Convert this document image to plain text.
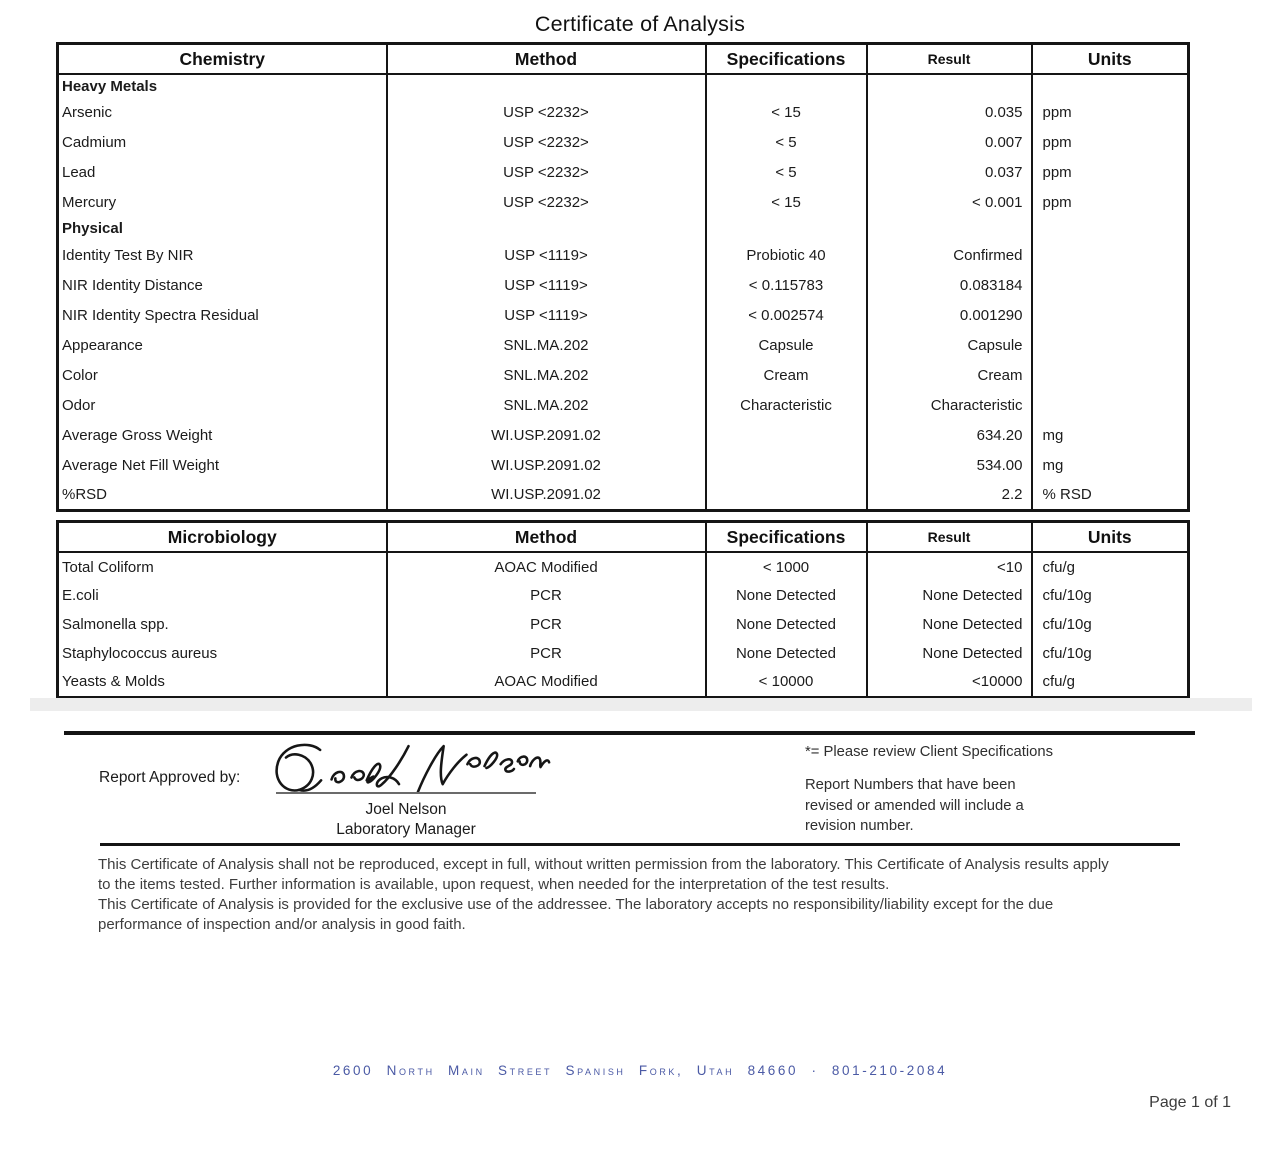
Certificate of Analysis
Chemistry	Method	Specifications	Result	Units
Heavy Metals				
Arsenic	USP <2232>	< 15	0.035	ppm
Cadmium	USP <2232>	< 5	0.007	ppm
Lead	USP <2232>	< 5	0.037	ppm
Mercury	USP <2232>	< 15	< 0.001	ppm
Physical				
Identity Test By NIR	USP <1119>	Probiotic 40	Confirmed	
NIR Identity Distance	USP <1119>	< 0.115783	0.083184	
NIR Identity Spectra Residual	USP <1119>	< 0.002574	0.001290	
Appearance	SNL.MA.202	Capsule	Capsule	
Color	SNL.MA.202	Cream	Cream	
Odor	SNL.MA.202	Characteristic	Characteristic	
Average Gross Weight	WI.USP.2091.02		634.20	mg
Average Net Fill Weight	WI.USP.2091.02		534.00	mg
%RSD	WI.USP.2091.02		2.2	% RSD
Microbiology	Method	Specifications	Result	Units
Total Coliform	AOAC Modified	< 1000	<10	cfu/g
E.coli	PCR	None Detected	None Detected	cfu/10g
Salmonella spp.	PCR	None Detected	None Detected	cfu/10g
Staphylococcus aureus	PCR	None Detected	None Detected	cfu/10g
Yeasts & Molds	AOAC Modified	< 10000	<10000	cfu/g
Report Approved by:
Joel Nelson
Laboratory Manager
*= Please review Client Specifications
Report Numbers that have been
revised or amended will include a
revision number.
This Certificate of Analysis shall not be reproduced, except in full, without written permission from the laboratory. This Certificate of Analysis results apply
to the items tested. Further information is available, upon request, when needed for the interpretation of the test results.
This Certificate of Analysis is provided for the exclusive use of the addressee. The laboratory accepts no responsibility/liability except for the due
performance of inspection and/or analysis in good faith.
2600 North Main Street Spanish Fork, Utah 84660 · 801-210-2084
Page 1 of 1
